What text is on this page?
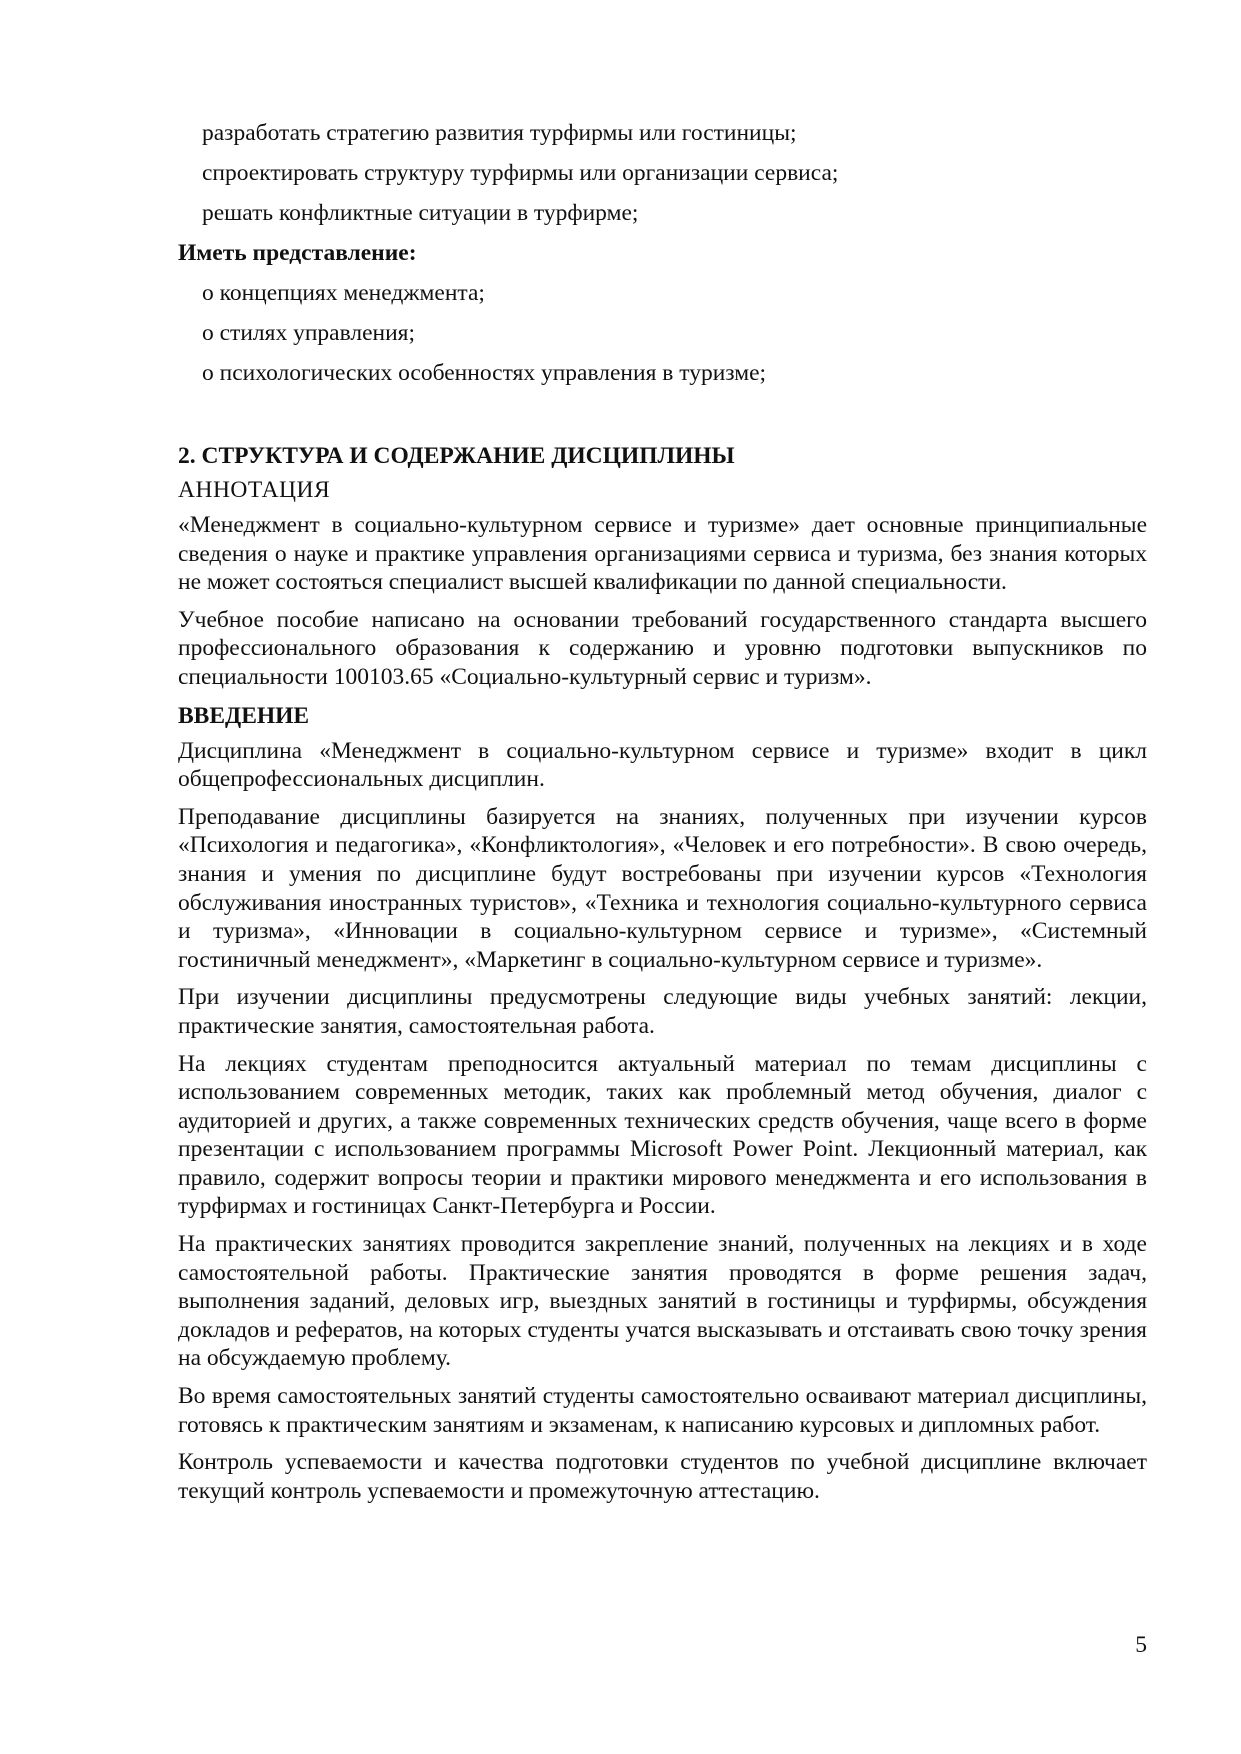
разработать стратегию развития турфирмы или гостиницы;
спроектировать структуру турфирмы или организации сервиса;
решать конфликтные ситуации в турфирме;
Иметь представление:
о концепциях менеджмента;
о стилях управления;
о психологических особенностях управления в туризме;
2. СТРУКТУРА И СОДЕРЖАНИЕ ДИСЦИПЛИНЫ
АННОТАЦИЯ

«Менеджмент в социально-культурном сервисе и туризме» дает основные принципиальные сведения о науке и практике управления организациями сервиса и туризма, без знания которых не может состояться специалист высшей квалификации по данной специальности.

Учебное пособие написано на основании требований государственного стандарта высшего профессионального образования к содержанию и уровню подготовки выпускников по специальности 100103.65 «Социально-культурный сервис и туризм».

ВВЕДЕНИЕ

Дисциплина «Менеджмент в социально-культурном сервисе и туризме» входит в цикл общепрофессиональных дисциплин.

Преподавание дисциплины базируется на знаниях, полученных при изучении курсов «Психология и педагогика», «Конфликтология», «Человек и его потребности». В свою очередь, знания и умения по дисциплине будут востребованы при изучении курсов «Технология обслуживания иностранных туристов», «Техника и технология социально-культурного сервиса и туризма», «Инновации в социально-культурном сервисе и туризме», «Системный гостиничный менеджмент», «Маркетинг в социально-культурном сервисе и туризме».

При изучении дисциплины предусмотрены следующие виды учебных занятий: лекции, практические занятия, самостоятельная работа.

На лекциях студентам преподносится актуальный материал по темам дисциплины с использованием современных методик, таких как проблемный метод обучения, диалог с аудиторией и других, а также современных технических средств обучения, чаще всего в форме презентации с использованием программы Microsoft Power Point. Лекционный материал, как правило, содержит вопросы теории и практики мирового менеджмента и его использования в турфирмах и гостиницах Санкт-Петербурга и России.

На практических занятиях проводится закрепление знаний, полученных на лекциях и в ходе самостоятельной работы. Практические занятия проводятся в форме решения задач, выполнения заданий, деловых игр, выездных занятий в гостиницы и турфирмы, обсуждения докладов и рефератов, на которых студенты учатся высказывать и отстаивать свою точку зрения на обсуждаемую проблему.

Во время самостоятельных занятий студенты самостоятельно осваивают материал дисциплины, готовясь к практическим занятиям и экзаменам, к написанию курсовых и дипломных работ.

Контроль успеваемости и качества подготовки студентов по учебной дисциплине включает текущий контроль успеваемости и промежуточную аттестацию.

5
